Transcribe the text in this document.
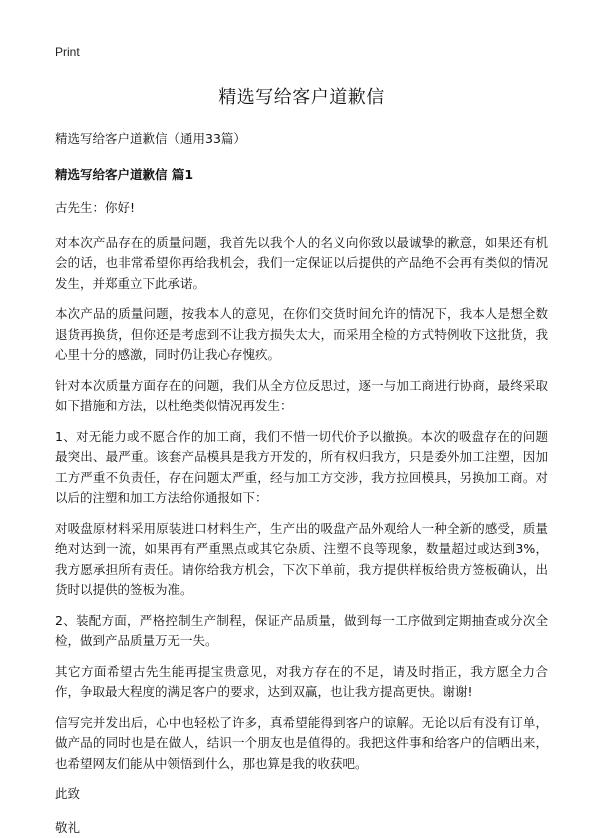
Print
精选写给客户道歉信
精选写给客户道歉信（通用33篇）
精选写给客户道歉信 篇1
古先生：你好!

对本次产品存在的质量问题，我首先以我个人的名义向你致以最诚挚的歉意，如果还有机会的话，也非常希望你再给我机会，我们一定保证以后提供的产品绝不会再有类似的情况发生，并郑重立下此承诺。

本次产品的质量问题，按我本人的意见，在你们交货时间允许的情况下，我本人是想全数退货再换货，但你还是考虑到不让我方损失太大，而采用全检的方式特例收下这批货，我心里十分的感激，同时仍让我心存愧疚。

针对本次质量方面存在的问题，我们从全方位反思过，逐一与加工商进行协商，最终采取如下措施和方法，以杜绝类似情况再发生：

1、对无能力或不愿合作的加工商，我们不惜一切代价予以撤换。本次的吸盘存在的问题最突出、最严重。该套产品模具是我方开发的，所有权归我方，只是委外加工注塑，因加工方严重不负责任，存在问题太严重，经与加工方交涉，我方拉回模具，另换加工商。对以后的注塑和加工方法给你通报如下：

对吸盘原材料采用原装进口材料生产，生产出的吸盘产品外观给人一种全新的感受，质量绝对达到一流，如果再有严重黑点或其它杂质、注塑不良等现象，数量超过或达到3%，我方愿承担所有责任。请你给我方机会，下次下单前，我方提供样板给贵方签板确认，出货时以提供的签板为准。

2、装配方面，严格控制生产制程，保证产品质量，做到每一工序做到定期抽查或分次全检，做到产品质量万无一失。

其它方面希望古先生能再提宝贵意见，对我方存在的不足，请及时指正，我方愿全力合作，争取最大程度的满足客户的要求，达到双赢，也让我方提高更快。谢谢!

信写完并发出后，心中也轻松了许多，真希望能得到客户的谅解。无论以后有没有订单，做产品的同时也是在做人，结识一个朋友也是值得的。我把这件事和给客户的信晒出来，也希望网友们能从中领悟到什么，那也算是我的收获吧。

此致
敬礼
